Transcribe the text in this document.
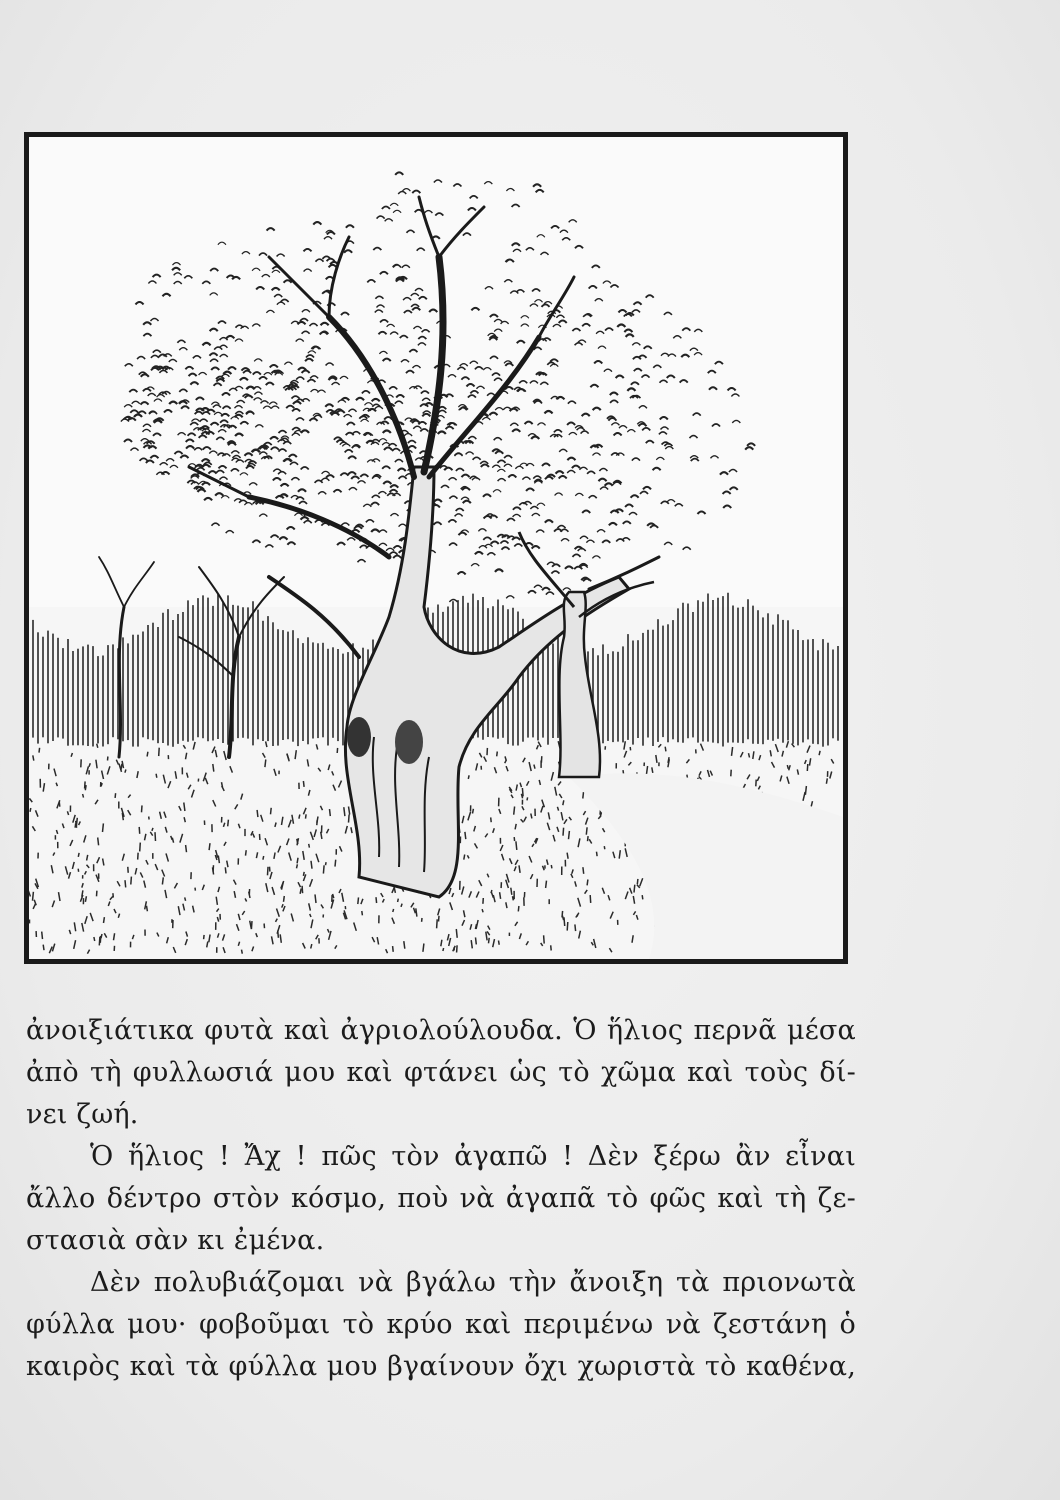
ἀνοιξιάτικα φυτὰ καὶ ἀγριολούλουδα. Ὁ ἥλιος περνᾶ μέσα
ἀπὸ τὴ φυλλωσιά μου καὶ φτάνει ὡς τὸ χῶμα καὶ τοὺς δί-
νει ζωή.
Ὁ ἥλιος ! Ἄχ ! πῶς τὸν ἀγαπῶ ! Δὲν ξέρω ἂν εἶναι
ἄλλο δέντρο στὸν κόσμο, ποὺ νὰ ἀγαπᾶ τὸ φῶς καὶ τὴ ζε-
στασιὰ σὰν κι ἐμένα.
Δὲν πολυβιάζομαι νὰ βγάλω τὴν ἄνοιξη τὰ πριονωτὰ
φύλλα μου· φοβοῦμαι τὸ κρύο καὶ περιμένω νὰ ζεστάνη ὁ
καιρὸς καὶ τὰ φύλλα μου βγαίνουν ὄχι χωριστὰ τὸ καθένα,
